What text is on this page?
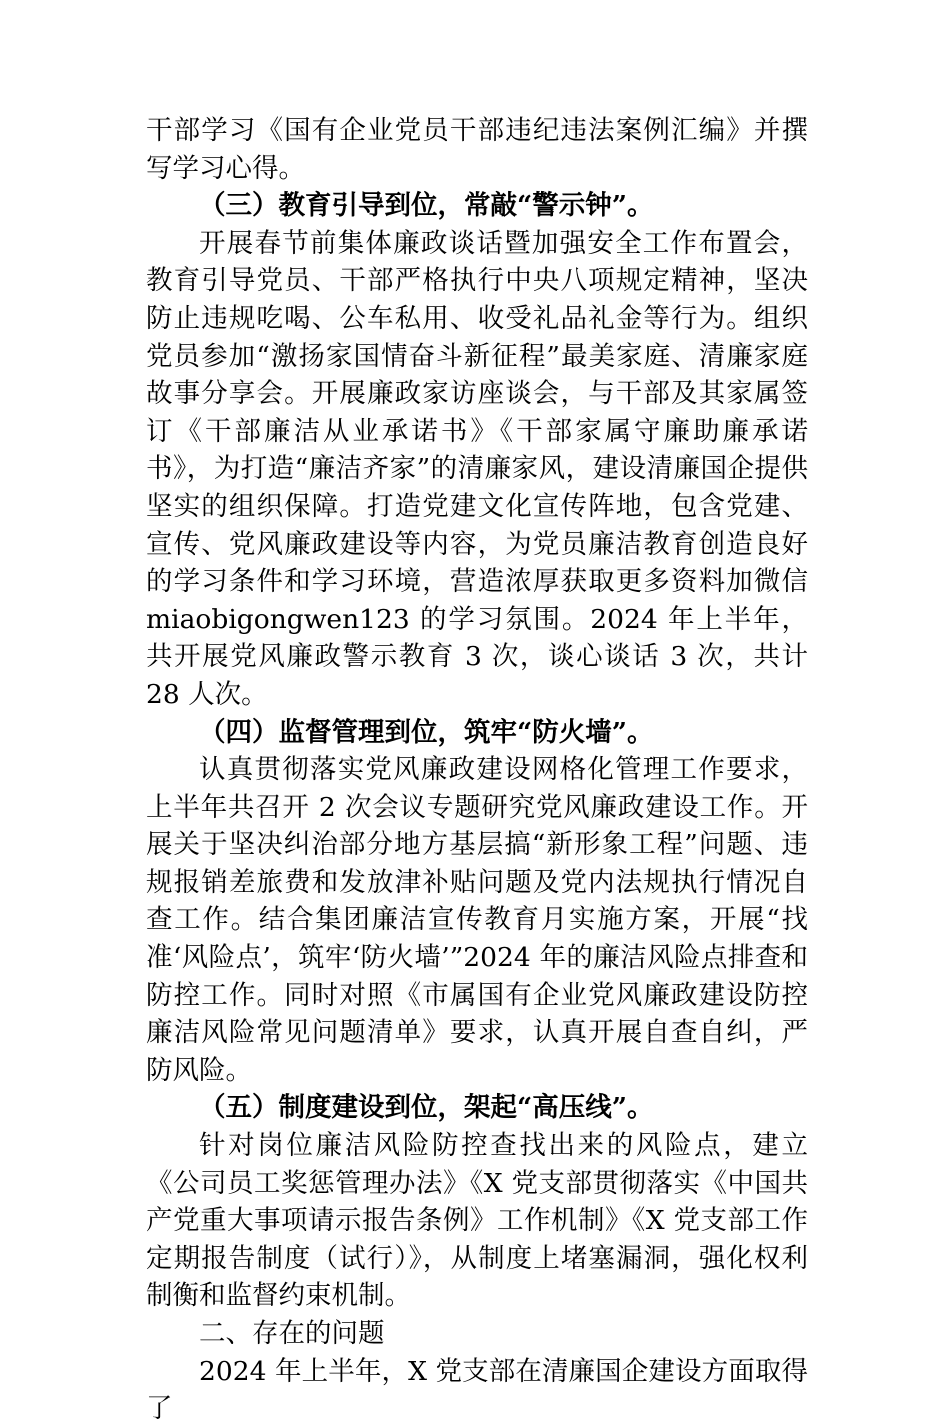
干部学习《国有企业党员干部违纪违法案例汇编》并撰写学习心得。

（三）教育引导到位，常敲“警示钟”。

开展春节前集体廉政谈话暨加强安全工作布置会，教育引导党员、干部严格执行中央八项规定精神，坚决防止违规吃喝、公车私用、收受礼品礼金等行为。组织党员参加“激扬家国情奋斗新征程”最美家庭、清廉家庭故事分享会。开展廉政家访座谈会，与干部及其家属签订《干部廉洁从业承诺书》《干部家属守廉助廉承诺书》，为打造“廉洁齐家”的清廉家风，建设清廉国企提供坚实的组织保障。打造党建文化宣传阵地，包含党建、宣传、党风廉政建设等内容，为党员廉洁教育创造良好的学习条件和学习环境，营造浓厚获取更多资料加微信 miaobigongwen123 的学习氛围。2024 年上半年，共开展党风廉政警示教育 3 次，谈心谈话 3 次，共计 28 人次。

（四）监督管理到位，筑牢“防火墙”。

认真贯彻落实党风廉政建设网格化管理工作要求，上半年共召开 2 次会议专题研究党风廉政建设工作。开展关于坚决纠治部分地方基层搞“新形象工程”问题、违规报销差旅费和发放津补贴问题及党内法规执行情况自查工作。结合集团廉洁宣传教育月实施方案，开展“找准‘风险点’，筑牢‘防火墙’”2024 年的廉洁风险点排查和防控工作。同时对照《市属国有企业党风廉政建设防控廉洁风险常见问题清单》要求，认真开展自查自纠，严防风险。

（五）制度建设到位，架起“高压线”。

针对岗位廉洁风险防控查找出来的风险点，建立《公司员工奖惩管理办法》《X 党支部贯彻落实《中国共产党重大事项请示报告条例》工作机制》《X 党支部工作定期报告制度（试行）》，从制度上堵塞漏洞，强化权利制衡和监督约束机制。

二、存在的问题

2024 年上半年，X 党支部在清廉国企建设方面取得了
